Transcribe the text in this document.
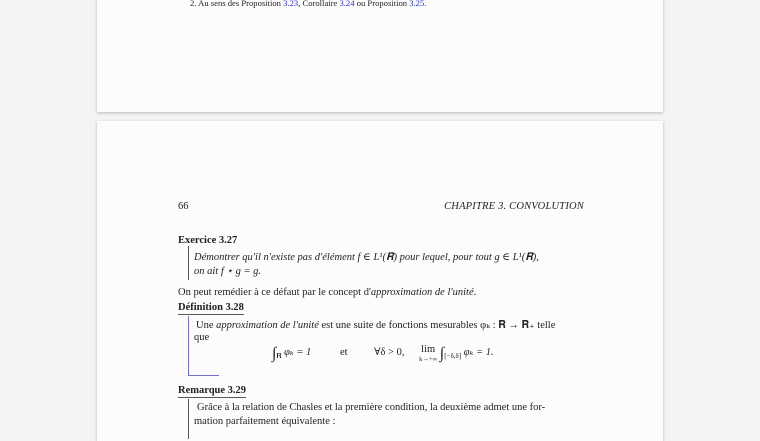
2. Au sens des Proposition 3.23, Corollaire 3.24 ou Proposition 3.25.
66	CHAPITRE 3. CONVOLUTION
Exercice 3.27
Démontrer qu'il n'existe pas d'élément f ∈ L¹(𝐑) pour lequel, pour tout g ∈ L¹(𝐑),
on ait f ⋆ g = g.
On peut remédier à ce défaut par le concept d'approximation de l'unité.
Définition 3.28
Une approximation de l'unité est une suite de fonctions mesurables φₖ : 𝐑 → 𝐑₊ telle
que
$\int_𝐑$ φₖ = 1	et	∀δ > 0, lim
k→+∞ $\int_{[-\delta,\delta]}$ φₖ = 1.
Remarque 3.29
Grâce à la relation de Chasles et la première condition, la deuxième admet une for-
mation parfaitement équivalente :
